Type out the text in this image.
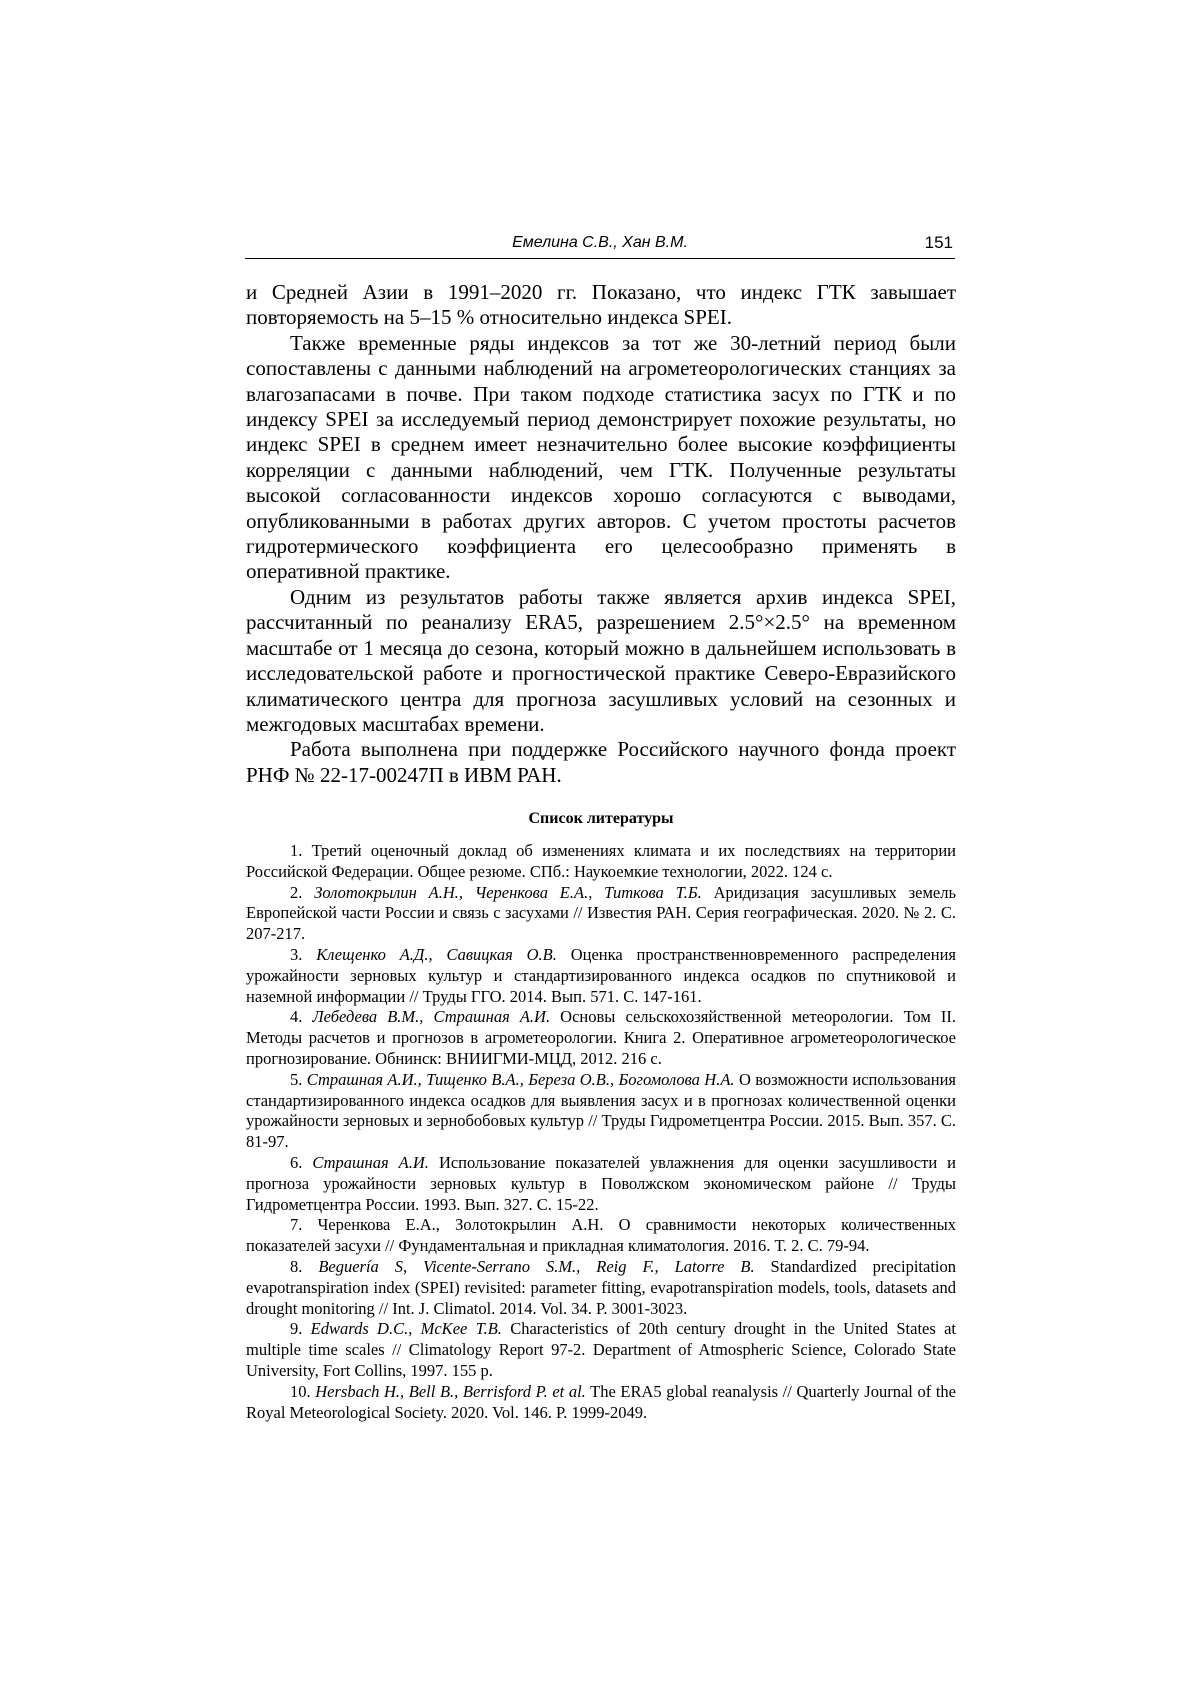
Емелина С.В., Хан В.М.	151

и Средней Азии в 1991–2020 гг. Показано, что индекс ГТК завышает повторяемость на 5–15 % относительно индекса SPEI.

Также временные ряды индексов за тот же 30-летний период были сопоставлены с данными наблюдений на агрометеорологических станциях за влагозапасами в почве. При таком подходе статистика засух по ГТК и по индексу SPEI за исследуемый период демонстрирует похожие результаты, но индекс SPEI в среднем имеет незначительно более высокие коэффициенты корреляции с данными наблюдений, чем ГТК. Полученные результаты высокой согласованности индексов хорошо согласуются с выводами, опубликованными в работах других авторов. С учетом простоты расчетов гидротермического коэффициента его целесообразно применять в оперативной практике.

Одним из результатов работы также является архив индекса SPEI, рассчитанный по реанализу ERA5, разрешением 2.5°×2.5° на временном масштабе от 1 месяца до сезона, который можно в дальнейшем использовать в исследовательской работе и прогностической практике Северо-Евразийского климатического центра для прогноза засушливых условий на сезонных и межгодовых масштабах времени.

Работа выполнена при поддержке Российского научного фонда проект РНФ № 22-17-00247П в ИВМ РАН.

Список литературы

1. Третий оценочный доклад об изменениях климата и их последствиях на территории Российской Федерации. Общее резюме. СПб.: Наукоемкие технологии, 2022. 124 с.

2. Золотокрылин А.Н., Черенкова Е.А., Титкова Т.Б. Аридизация засушливых земель Европейской части России и связь с засухами // Известия РАН. Серия географическая. 2020. № 2. С. 207-217.

3. Клещенко А.Д., Савицкая О.В. Оценка пространственновременного распределения урожайности зерновых культур и стандартизированного индекса осадков по спутниковой и наземной информации // Труды ГГО. 2014. Вып. 571. С. 147-161.

4. Лебедева В.М., Страшная А.И. Основы сельскохозяйственной метеорологии. Том II. Методы расчетов и прогнозов в агрометеорологии. Книга 2. Оперативное агрометеорологическое прогнозирование. Обнинск: ВНИИГМИ-МЦД, 2012. 216 с.

5. Страшная А.И., Тищенко В.А., Береза О.В., Богомолова Н.А. О возможности использования стандартизированного индекса осадков для выявления засух и в прогнозах количественной оценки урожайности зерновых и зернобобовых культур // Труды Гидрометцентра России. 2015. Вып. 357. С. 81-97.

6. Страшная А.И. Использование показателей увлажнения для оценки засушливости и прогноза урожайности зерновых культур в Поволжском экономическом районе // Труды Гидрометцентра России. 1993. Вып. 327. С. 15-22.

7. Черенкова Е.А., Золотокрылин А.Н. О сравнимости некоторых количественных показателей засухи // Фундаментальная и прикладная климатология. 2016. Т. 2. С. 79-94.

8. Beguería S, Vicente-Serrano S.M., Reig F., Latorre B. Standardized precipitation evapotranspiration index (SPEI) revisited: parameter fitting, evapotranspiration models, tools, datasets and drought monitoring // Int. J. Climatol. 2014. Vol. 34. P. 3001-3023.

9. Edwards D.C., McKee T.B. Characteristics of 20th century drought in the United States at multiple time scales // Climatology Report 97-2. Department of Atmospheric Science, Colorado State University, Fort Collins, 1997. 155 p.

10. Hersbach H., Bell B., Berrisford P. et al. The ERA5 global reanalysis // Quarterly Journal of the Royal Meteorological Society. 2020. Vol. 146. P. 1999-2049.
